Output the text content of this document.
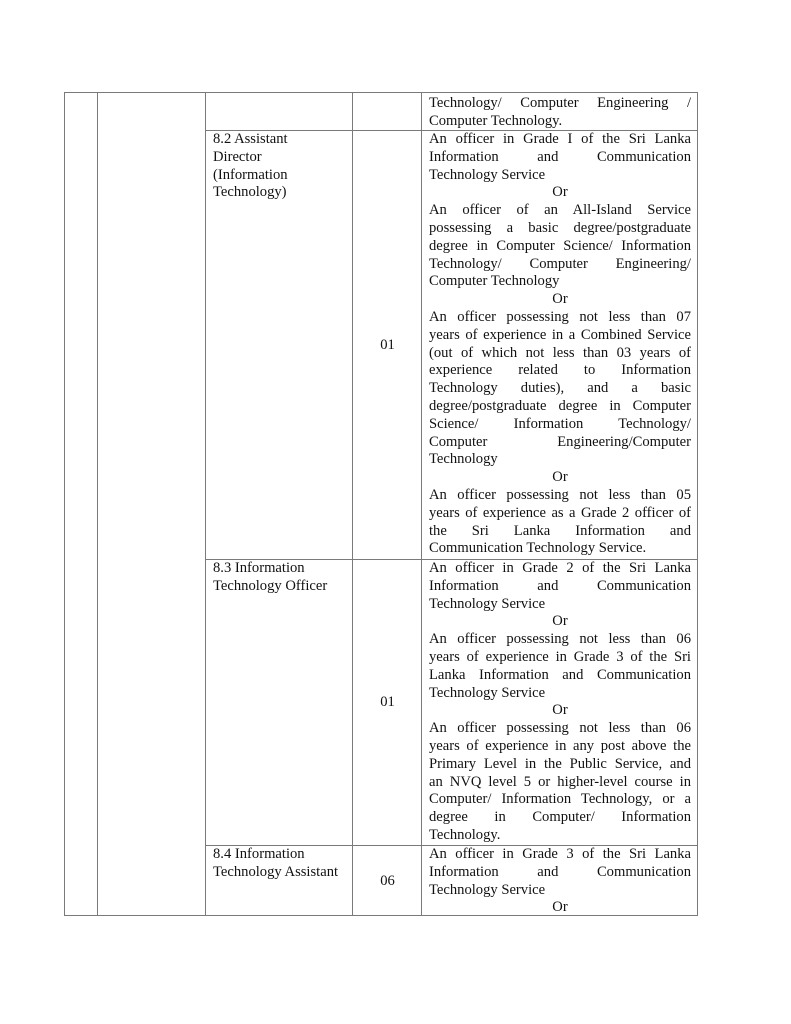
Technology/ Computer Engineering /
Computer Technology.
8.2 Assistant
Director
(Information
Technology)
01
An officer in Grade I of the Sri Lanka
Information and Communication
Technology Service
Or
An officer of an All-Island Service
possessing a basic degree/postgraduate
degree in Computer Science/ Information
Technology/ Computer Engineering/
Computer Technology
Or
An officer possessing not less than 07
years of experience in a Combined Service
(out of which not less than 03 years of
experience related to Information
Technology duties), and a basic
degree/postgraduate degree in Computer
Science/ Information Technology/
Computer Engineering/Computer
Technology
Or
An officer possessing not less than 05
years of experience as a Grade 2 officer of
the Sri Lanka Information and
Communication Technology Service.
8.3 Information
Technology Officer
01
An officer in Grade 2 of the Sri Lanka
Information and Communication
Technology Service
Or
An officer possessing not less than 06
years of experience in Grade 3 of the Sri
Lanka Information and Communication
Technology Service
Or
An officer possessing not less than 06
years of experience in any post above the
Primary Level in the Public Service, and
an NVQ level 5 or higher-level course in
Computer/ Information Technology, or a
degree in Computer/ Information
Technology.
8.4 Information
Technology Assistant
06
An officer in Grade 3 of the Sri Lanka
Information and Communication
Technology Service
Or
